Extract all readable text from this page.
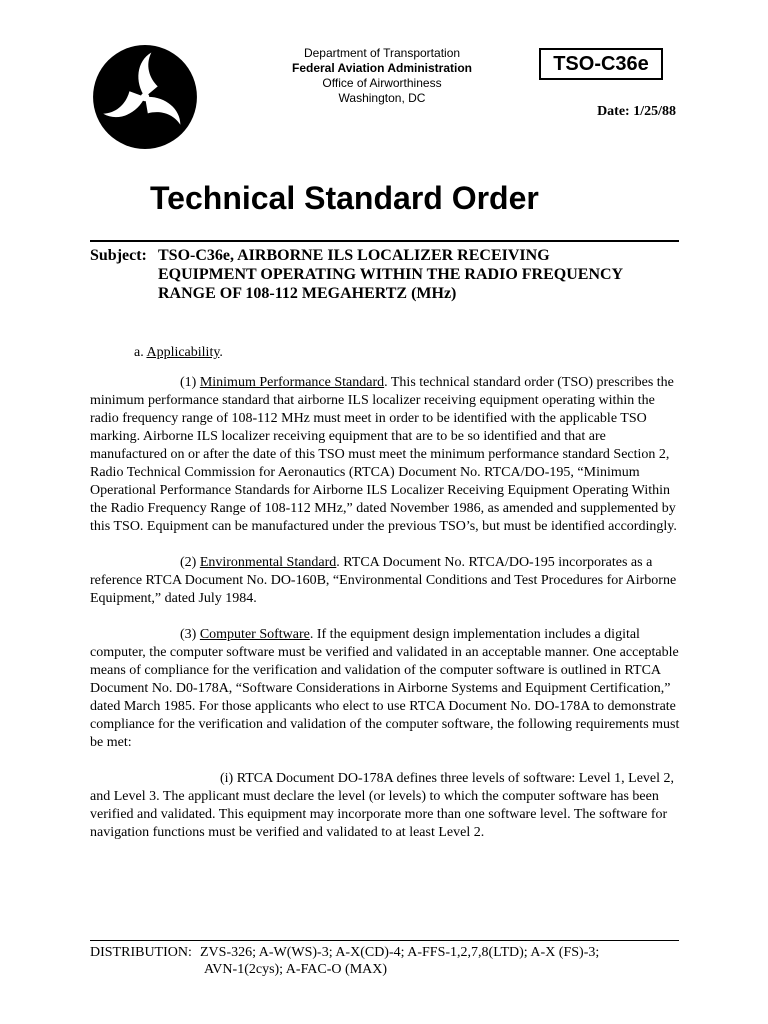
Department of Transportation
Federal Aviation Administration
Office of Airworthiness
Washington, DC
TSO-C36e
Date: 1/25/88
Technical Standard Order
Subject: TSO-C36e, AIRBORNE ILS LOCALIZER RECEIVING
EQUIPMENT OPERATING WITHIN THE RADIO FREQUENCY
RANGE OF 108-112 MEGAHERTZ (MHz)

a. Applicability.

(1) Minimum Performance Standard. This technical standard order (TSO) prescribes the minimum performance standard that airborne ILS localizer receiving equipment operating within the radio frequency range of 108-112 MHz must meet in order to be identified with the applicable TSO marking. Airborne ILS localizer receiving equipment that are to be so identified and that are manufactured on or after the date of this TSO must meet the minimum performance standard Section 2, Radio Technical Commission for Aeronautics (RTCA) Document No. RTCA/DO-195, “Minimum Operational Performance Standards for Airborne ILS Localizer Receiving Equipment Operating Within the Radio Frequency Range of 108-112 MHz,” dated November 1986, as amended and supplemented by this TSO. Equipment can be manufactured under the previous TSO’s, but must be identified accordingly.

(2) Environmental Standard. RTCA Document No. RTCA/DO-195 incorporates as a reference RTCA Document No. DO-160B, “Environmental Conditions and Test Procedures for Airborne Equipment,” dated July 1984.

(3) Computer Software. If the equipment design implementation includes a digital computer, the computer software must be verified and validated in an acceptable manner. One acceptable means of compliance for the verification and validation of the computer software is outlined in RTCA Document No. D0-178A, “Software Considerations in Airborne Systems and Equipment Certification,” dated March 1985. For those applicants who elect to use RTCA Document No. DO-178A to demonstrate compliance for the verification and validation of the computer software, the following requirements must be met:

(i) RTCA Document DO-178A defines three levels of software: Level 1, Level 2, and Level 3. The applicant must declare the level (or levels) to which the computer software has been verified and validated. This equipment may incorporate more than one software level. The software for navigation functions must be verified and validated to at least Level 2.

DISTRIBUTION: ZVS-326; A-W(WS)-3; A-X(CD)-4; A-FFS-1,2,7,8(LTD); A-X (FS)-3;
AVN-1(2cys); A-FAC-O (MAX)
